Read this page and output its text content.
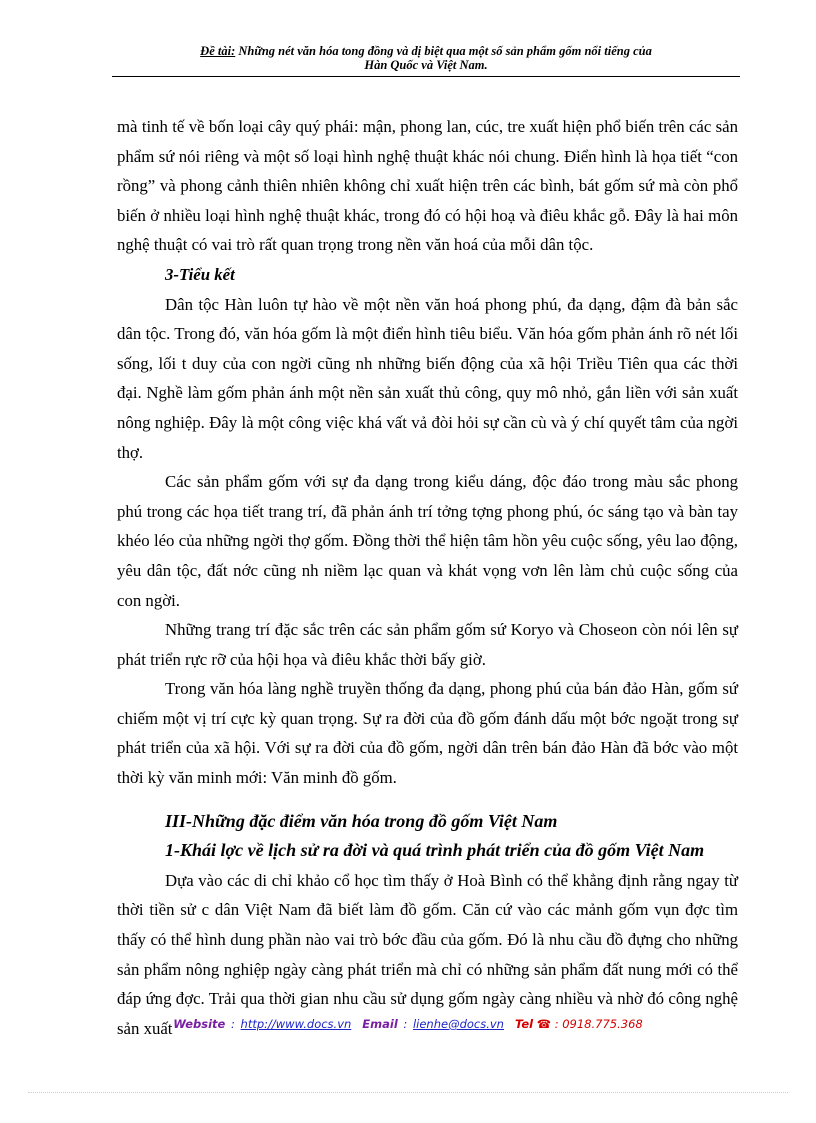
Đề tài: Những nét văn hóa tong đồng và dị biệt qua một số sản phẩm gốm nổi tiếng của
Hàn Quốc và Việt Nam.

mà tinh tế về bốn loại cây quý phái: mận, phong lan, cúc, tre xuất hiện phổ biến trên các sản phẩm sứ nói riêng và một số loại hình nghệ thuật khác nói chung. Điển hình là họa tiết “con rồng” và phong cảnh thiên nhiên không chỉ xuất hiện trên các bình, bát gốm sứ mà còn phổ biến ở nhiều loại hình nghệ thuật khác, trong đó có hội hoạ và điêu khắc gỗ. Đây là hai môn nghệ thuật có vai trò rất quan trọng trong nền văn hoá của mỗi dân tộc.

3-Tiểu kết

Dân tộc Hàn luôn tự hào về một nền văn hoá phong phú, đa dạng, đậm đà bản sắc dân tộc. Trong đó, văn hóa gốm là một điển hình tiêu biểu. Văn hóa gốm phản ánh rõ nét lối sống, lối t duy của con ngời cũng nh những biến động của xã hội Triều Tiên qua các thời đại. Nghề làm gốm phản ánh một nền sản xuất thủ công, quy mô nhỏ, gắn liền với sản xuất nông nghiệp. Đây là một công việc khá vất vả đòi hỏi sự cần cù và ý chí quyết tâm của ngời thợ.

Các sản phẩm gốm với sự đa dạng trong kiểu dáng, độc đáo trong màu sắc phong phú trong các họa tiết trang trí, đã phản ánh trí tởng tợng phong phú, óc sáng tạo và bàn tay khéo léo của những ngời thợ gốm. Đồng thời thể hiện tâm hồn yêu cuộc sống, yêu lao động, yêu dân tộc, đất nớc cũng nh niềm lạc quan và khát vọng vơn lên làm chủ cuộc sống của con ngời.

Những trang trí đặc sắc trên các sản phẩm gốm sứ Koryo và Choseon còn nói lên sự phát triển rực rỡ của hội họa và điêu khắc thời bấy giờ.

Trong văn hóa làng nghề truyền thống đa dạng, phong phú của bán đảo Hàn, gốm sứ chiếm một vị trí cực kỳ quan trọng. Sự ra đời của đồ gốm đánh dấu một bớc ngoặt trong sự phát triển của xã hội. Với sự ra đời của đồ gốm, ngời dân trên bán đảo Hàn đã bớc vào một thời kỳ văn minh mới: Văn minh đồ gốm.

III-Những đặc điểm văn hóa trong đồ gốm Việt Nam

1-Khái lợc về lịch sử ra đời và quá trình phát triển của đồ gốm Việt Nam

Dựa vào các di chỉ khảo cổ học tìm thấy ở Hoà Bình có thể khẳng định rằng ngay từ thời tiền sử c dân Việt Nam đã biết làm đồ gốm. Căn cứ vào các mảnh gốm vụn đợc tìm thấy có thể hình dung phần nào vai trò bớc đầu của gốm. Đó là nhu cầu đồ đựng cho những sản phẩm nông nghiệp ngày càng phát triển mà chỉ có những sản phẩm đất nung mới có thể đáp ứng đợc. Trải qua thời gian nhu cầu sử dụng gốm ngày càng nhiều và nhờ đó công nghệ sản xuất Website : http://www.docs.vn Email : lienhe@docs.vn Tel ☎ : 0918.775.368
